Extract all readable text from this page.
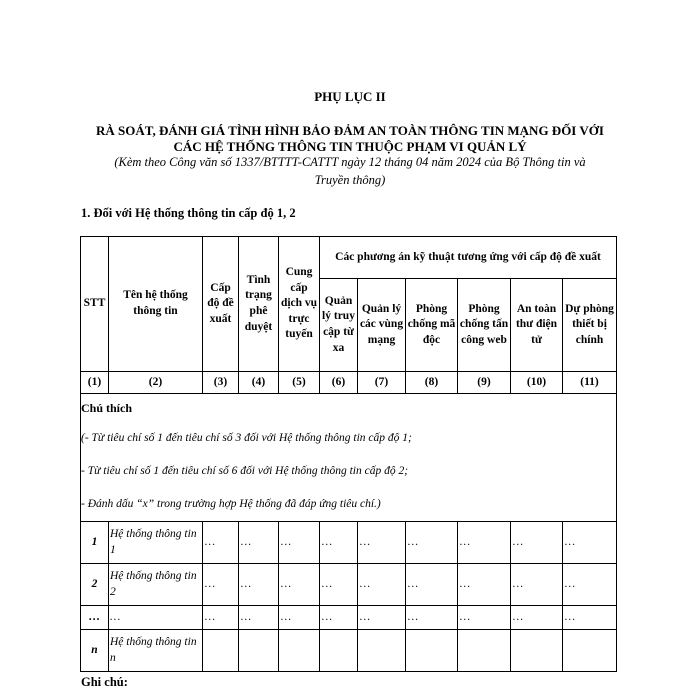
PHỤ LỤC II
RÀ SOÁT, ĐÁNH GIÁ TÌNH HÌNH BẢO ĐẢM AN TOÀN THÔNG TIN MẠNG ĐỐI VỚI
CÁC HỆ THỐNG THÔNG TIN THUỘC PHẠM VI QUẢN LÝ
(Kèm theo Công văn số 1337/BTTTT-CATTT ngày 12 tháng 04 năm 2024 của Bộ Thông tin và
Truyền thông)
1. Đối với Hệ thống thông tin cấp độ 1, 2
STT	Tên hệ thống thông tin	Cấp độ đề xuất	Tình trạng phê duyệt	Cung cấp dịch vụ trực tuyến	Các phương án kỹ thuật tương ứng với cấp độ đề xuất					
					Quản lý truy cập từ xa	Quản lý các vùng mạng	Phòng chống mã độc	Phòng chống tấn công web	An toàn thư điện tử	Dự phòng thiết bị chính
(1)	(2)	(3)	(4)	(5)	(6)	(7)	(8)	(9)	(10)	(11)

Chú thích
(- Từ tiêu chí số 1 đến tiêu chí số 3 đối với Hệ thống thông tin cấp độ 1;
- Từ tiêu chí số 1 đến tiêu chí số 6 đối với Hệ thống thông tin cấp độ 2;
- Đánh dấu “x” trong trường hợp Hệ thống đã đáp ứng tiêu chí.)										

1	Hệ thống thông tin 1	…	…	…	…	…	…	…	…	…
2	Hệ thống thông tin 2	…	…	…	…	…	…	…	…	…
…	…	…	…	…	…	…	…	…	…	…
n	Hệ thống thông tin n									
Ghi chú:
